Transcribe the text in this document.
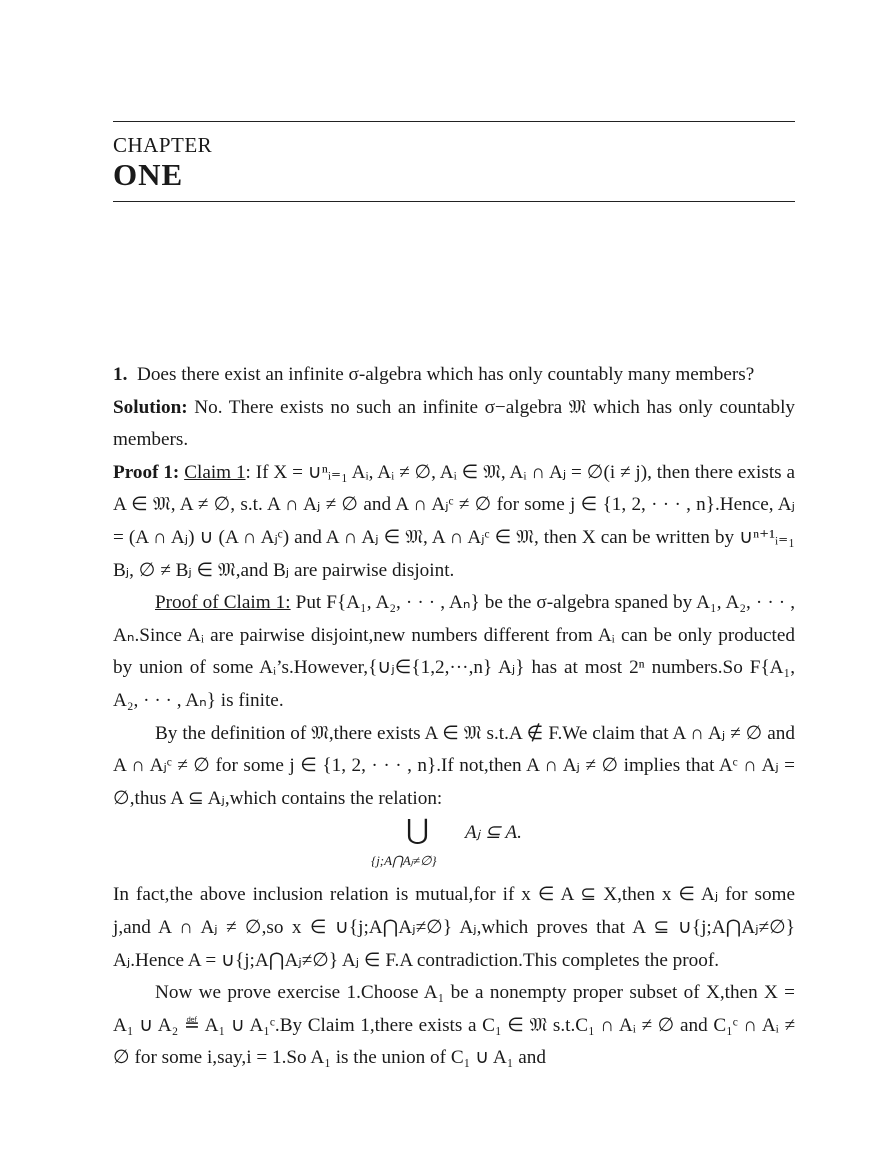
CHAPTER
ONE

1. Does there exist an infinite σ-algebra which has only countably many members?

Solution: No. There exists no such an infinite σ−algebra 𝔐 which has only countably members.

Proof 1: Claim 1: If X = ∪ⁿᵢ₌₁ Aᵢ, Aᵢ ≠ ∅, Aᵢ ∈ 𝔐, Aᵢ ∩ Aⱼ = ∅(i ≠ j), then there exists a A ∈ 𝔐, A ≠ ∅, s.t. A ∩ Aⱼ ≠ ∅ and A ∩ Aⱼᶜ ≠ ∅ for some j ∈ {1, 2, · · · , n}.Hence, Aⱼ = (A ∩ Aⱼ) ∪ (A ∩ Aⱼᶜ) and A ∩ Aⱼ ∈ 𝔐, A ∩ Aⱼᶜ ∈ 𝔐, then X can be written by ∪ⁿ⁺¹ᵢ₌₁ Bⱼ, ∅ ≠ Bⱼ ∈ 𝔐,and Bⱼ are pairwise disjoint.

Proof of Claim 1: Put F{A₁, A₂, · · · , Aₙ} be the σ-algebra spaned by A₁, A₂, · · · , Aₙ.Since Aᵢ are pairwise disjoint,new numbers different from Aᵢ can be only producted by union of some Aᵢ’s.However,{∪ⱼ∈{1,2,···,n} Aⱼ} has at most 2ⁿ numbers.So F{A₁, A₂, · · · , Aₙ} is finite.

By the definition of 𝔐,there exists A ∈ 𝔐 s.t.A ∉ F.We claim that A ∩ Aⱼ ≠ ∅ and A ∩ Aⱼᶜ ≠ ∅ for some j ∈ {1, 2, · · · , n}.If not,then A ∩ Aⱼ ≠ ∅ implies that Aᶜ ∩ Aⱼ = ∅,thus A ⊆ Aⱼ,which contains the relation:

⋃ Aⱼ ⊆ A.
{j;A⋂Aⱼ≠∅}

In fact,the above inclusion relation is mutual,for if x ∈ A ⊆ X,then x ∈ Aⱼ for some j,and A ∩ Aⱼ ≠ ∅,so x ∈ ∪{j;A⋂Aⱼ≠∅} Aⱼ,which proves that A ⊆ ∪{j;A⋂Aⱼ≠∅} Aⱼ.Hence A = ∪{j;A⋂Aⱼ≠∅} Aⱼ ∈ F.A contradiction.This completes the proof.

Now we prove exercise 1.Choose A₁ be a nonempty proper subset of X,then X = A₁ ∪ A₂ ≝ A₁ ∪ A₁ᶜ.By Claim 1,there exists a C₁ ∈ 𝔐 s.t.C₁ ∩ Aᵢ ≠ ∅ and C₁ᶜ ∩ Aᵢ ≠ ∅ for some i,say,i = 1.So A₁ is the union of C₁ ∪ A₁ and
